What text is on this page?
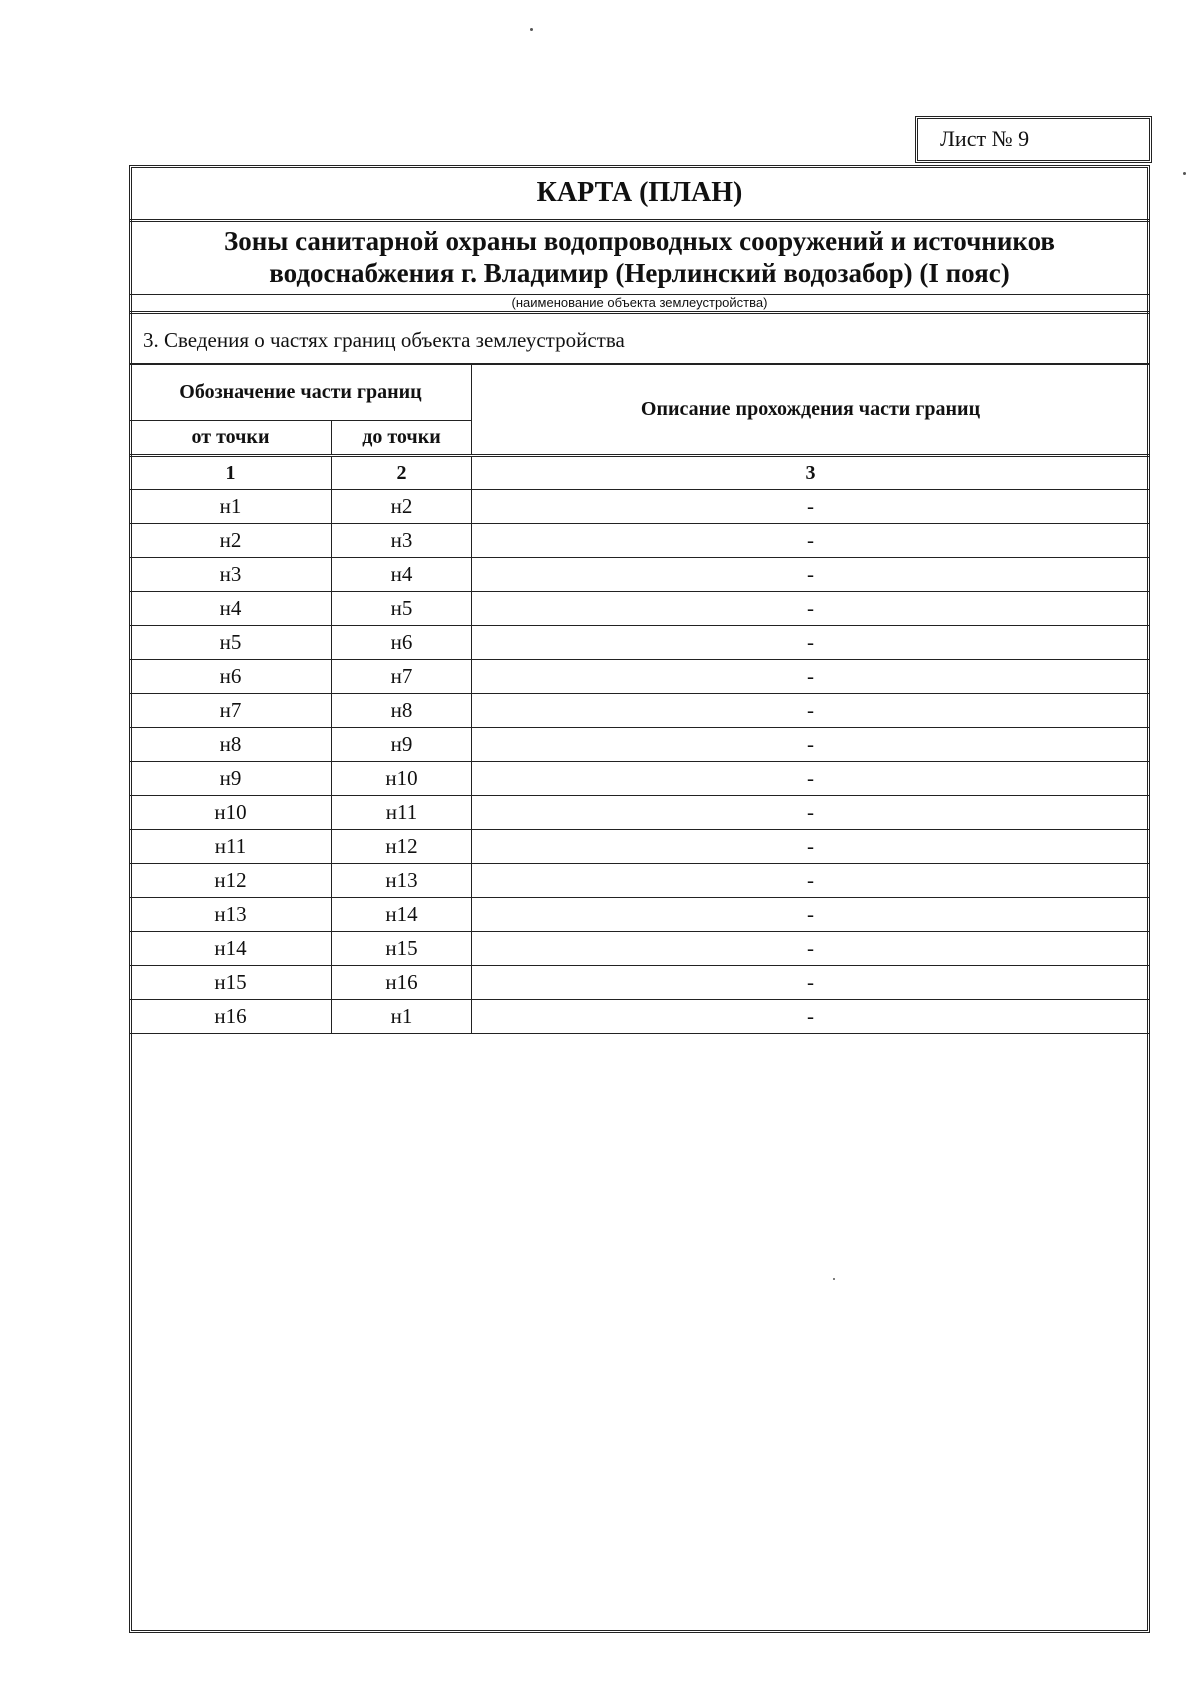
Лист № 9
КАРТА (ПЛАН)
Зоны санитарной охраны водопроводных сооружений и источников
водоснабжения г. Владимир (Нерлинский водозабор) (I пояс)
(наименование объекта землеустройства)
3. Сведения о частях границ объекта землеустройства
Обозначение части границ		Описание прохождения части границ
от точки	до точки	
1	2	3
н1	н2	-
н2	н3	-
н3	н4	-
н4	н5	-
н5	н6	-
н6	н7	-
н7	н8	-
н8	н9	-
н9	н10	-
н10	н11	-
н11	н12	-
н12	н13	-
н13	н14	-
н14	н15	-
н15	н16	-
н16	н1	-
